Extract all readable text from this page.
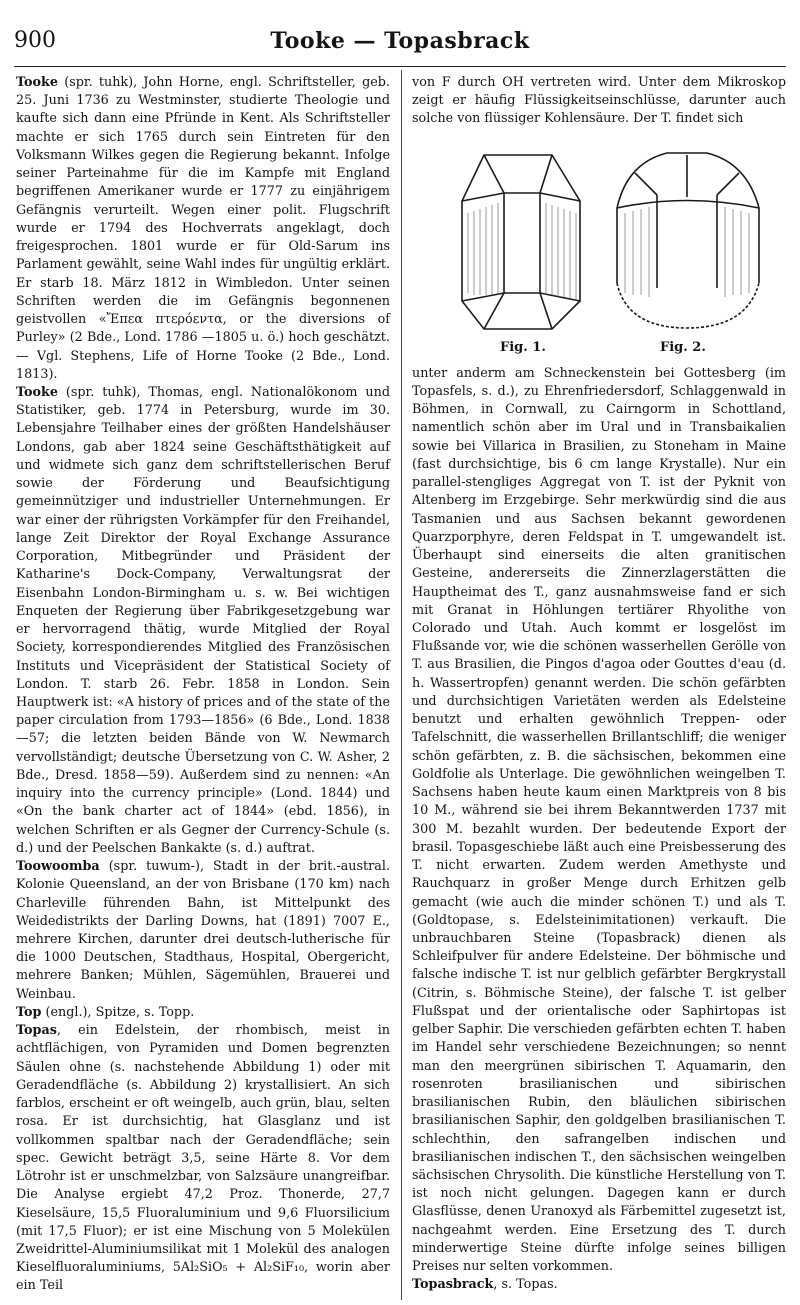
900	Tooke — Topasbrack

Tooke (spr. tuhk), John Horne, engl. Schriftsteller, geb. 25. Juni 1736 zu Westminster, studierte Theologie und kaufte sich dann eine Pfründe in Kent. Als Schriftsteller machte er sich 1765 durch sein Eintreten für den Volksmann Wilkes gegen die Regierung bekannt. Infolge seiner Parteinahme für die im Kampfe mit England begriffenen Amerikaner wurde er 1777 zu einjährigem Gefängnis verurteilt. Wegen einer polit. Flugschrift wurde er 1794 des Hochverrats angeklagt, doch freigesprochen. 1801 wurde er für Old-Sarum ins Parlament gewählt, seine Wahl indes für ungültig erklärt. Er starb 18. März 1812 in Wimbledon. Unter seinen Schriften werden die im Gefängnis begonnenen geistvollen «Ἔπεα πτερόεντα, or the diversions of Purley» (2 Bde., Lond. 1786 —1805 u. ö.) hoch geschätzt. — Vgl. Stephens, Life of Horne Tooke (2 Bde., Lond. 1813).

Tooke (spr. tuhk), Thomas, engl. Nationalökonom und Statistiker, geb. 1774 in Petersburg, wurde im 30. Lebensjahre Teilhaber eines der größten Handelshäuser Londons, gab aber 1824 seine Geschäftsthätigkeit auf und widmete sich ganz dem schriftstellerischen Beruf sowie der Förderung und Beaufsichtigung gemeinnütziger und industrieller Unternehmungen. Er war einer der rührigsten Vorkämpfer für den Freihandel, lange Zeit Direktor der Royal Exchange Assurance Corporation, Mitbegründer und Präsident der Katharine's Dock-Company, Verwaltungsrat der Eisenbahn London-Birmingham u. s. w. Bei wichtigen Enqueten der Regierung über Fabrikgesetzgebung war er hervorragend thätig, wurde Mitglied der Royal Society, korrespondierendes Mitglied des Französischen Instituts und Vicepräsident der Statistical Society of London. T. starb 26. Febr. 1858 in London. Sein Hauptwerk ist: «A history of prices and of the state of the paper circulation from 1793—1856» (6 Bde., Lond. 1838—57; die letzten beiden Bände von W. Newmarch vervollständigt; deutsche Übersetzung von C. W. Asher, 2 Bde., Dresd. 1858—59). Außerdem sind zu nennen: «An inquiry into the currency principle» (Lond. 1844) und «On the bank charter act of 1844» (ebd. 1856), in welchen Schriften er als Gegner der Currency-Schule (s. d.) und der Peelschen Bankakte (s. d.) auftrat.

Toowoomba (spr. tuwum-), Stadt in der brit.-austral. Kolonie Queensland, an der von Brisbane (170 km) nach Charleville führenden Bahn, ist Mittelpunkt des Weidedistrikts der Darling Downs, hat (1891) 7007 E., mehrere Kirchen, darunter drei deutsch-lutherische für die 1000 Deutschen, Stadthaus, Hospital, Obergericht, mehrere Banken; Mühlen, Sägemühlen, Brauerei und Weinbau.

Top (engl.), Spitze, s. Topp.

Topas, ein Edelstein, der rhombisch, meist in achtflächigen, von Pyramiden und Domen begrenzten Säulen ohne (s. nachstehende Abbildung 1) oder mit Geradendfläche (s. Abbildung 2) krystallisiert. An sich farblos, erscheint er oft weingelb, auch grün, blau, selten rosa. Er ist durchsichtig, hat Glasglanz und ist vollkommen spaltbar nach der Geradendfläche; sein spec. Gewicht beträgt 3,5, seine Härte 8. Vor dem Lötrohr ist er unschmelzbar, von Salzsäure unangreifbar. Die Analyse ergiebt 47,2 Proz. Thonerde, 27,7 Kieselsäure, 15,5 Fluoraluminium und 9,6 Fluorsilicium (mit 17,5 Fluor); er ist eine Mischung von 5 Molekülen Zweidrittel-Aluminiumsilikat mit 1 Molekül des analogen Kieselfluoraluminiums, 5Al₂SiO₅ + Al₂SiF₁₀, worin aber ein Teil

von F durch OH vertreten wird. Unter dem Mikroskop zeigt er häufig Flüssigkeitseinschlüsse, darunter auch solche von flüssiger Kohlensäure. Der T. findet sich

Fig. 1.	Fig. 2.

unter anderm am Schneckenstein bei Gottesberg (im Topasfels, s. d.), zu Ehrenfriedersdorf, Schlaggenwald in Böhmen, in Cornwall, zu Cairngorm in Schottland, namentlich schön aber im Ural und in Transbaikalien sowie bei Villarica in Brasilien, zu Stoneham in Maine (fast durchsichtige, bis 6 cm lange Krystalle). Nur ein parallel-stengliges Aggregat von T. ist der Pyknit von Altenberg im Erzgebirge. Sehr merkwürdig sind die aus Tasmanien und aus Sachsen bekannt gewordenen Quarzporphyre, deren Feldspat in T. umgewandelt ist. Überhaupt sind einerseits die alten granitischen Gesteine, andererseits die Zinnerzlagerstätten die Hauptheimat des T., ganz ausnahmsweise fand er sich mit Granat in Höhlungen tertiärer Rhyolithe von Colorado und Utah. Auch kommt er losgelöst im Flußsande vor, wie die schönen wasserhellen Gerölle von T. aus Brasilien, die Pingos d'agoa oder Gouttes d'eau (d. h. Wassertropfen) genannt werden. Die schön gefärbten und durchsichtigen Varietäten werden als Edelsteine benutzt und erhalten gewöhnlich Treppen- oder Tafelschnitt, die wasserhellen Brillantschliff; die weniger schön gefärbten, z. B. die sächsischen, bekommen eine Goldfolie als Unterlage. Die gewöhnlichen weingelben T. Sachsens haben heute kaum einen Marktpreis von 8 bis 10 M., während sie bei ihrem Bekanntwerden 1737 mit 300 M. bezahlt wurden. Der bedeutende Export der brasil. Topasgeschiebe läßt auch eine Preisbesserung des T. nicht erwarten. Zudem werden Amethyste und Rauchquarz in großer Menge durch Erhitzen gelb gemacht (wie auch die minder schönen T.) und als T. (Goldtopase, s. Edelsteinimitationen) verkauft. Die unbrauchbaren Steine (Topasbrack) dienen als Schleifpulver für andere Edelsteine. Der böhmische und falsche indische T. ist nur gelblich gefärbter Bergkrystall (Citrin, s. Böhmische Steine), der falsche T. ist gelber Flußspat und der orientalische oder Saphirtopas ist gelber Saphir. Die verschieden gefärbten echten T. haben im Handel sehr verschiedene Bezeichnungen; so nennt man den meergrünen sibirischen T. Aquamarin, den rosenroten brasilianischen und sibirischen brasilianischen Rubin, den bläulichen sibirischen brasilianischen Saphir, den goldgelben brasilianischen T. schlechthin, den safrangelben indischen und brasilianischen indischen T., den sächsischen weingelben sächsischen Chrysolith. Die künstliche Herstellung von T. ist noch nicht gelungen. Dagegen kann er durch Glasflüsse, denen Uranoxyd als Färbemittel zugesetzt ist, nachgeahmt werden. Eine Ersetzung des T. durch minderwertige Steine dürfte infolge seines billigen Preises nur selten vorkommen.

Topasbrack, s. Topas.
